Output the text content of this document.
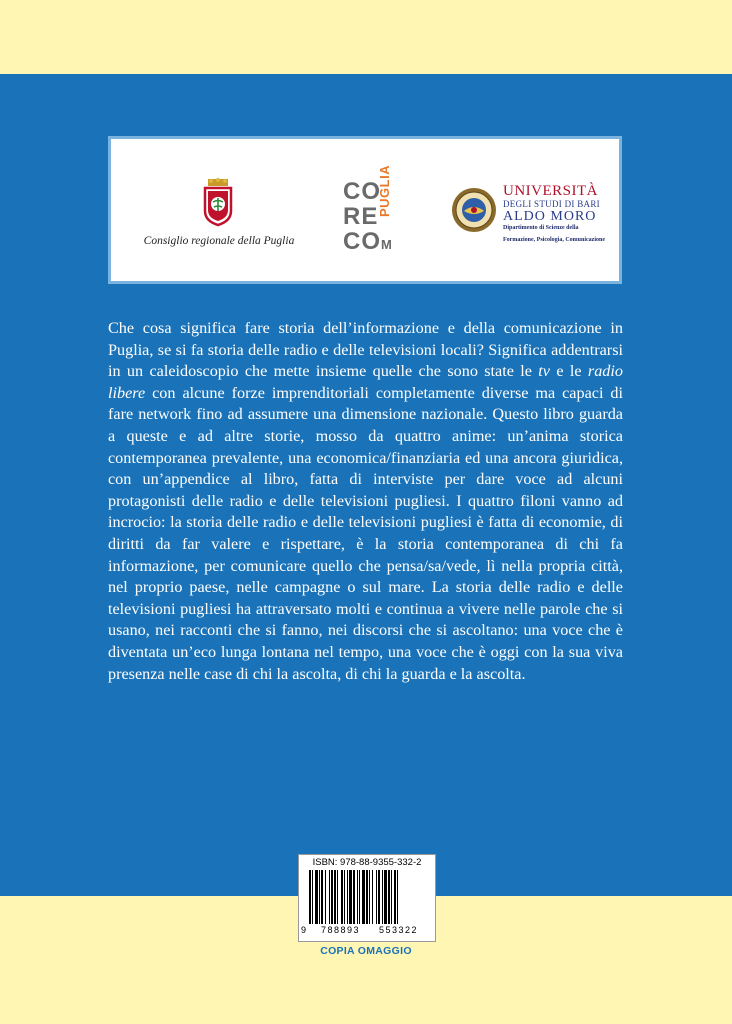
Consiglio regionale della Puglia
CO
RE
COM
PUGLIA	UNIVERSITÀ
DEGLI STUDI DI BARI
ALDO MORO
Dipartimento di Scienze della
Formazione, Psicologia, Comunicazione

Che cosa significa fare storia dell’informazione e della comunicazione in Puglia, se si fa storia delle radio e delle televisioni locali? Significa addentrarsi in un caleidoscopio che mette insieme quelle che sono state le tv e le radio libere con alcune forze imprenditoriali completamente diverse ma capaci di fare network fino ad assumere una dimensione nazionale. Questo libro guarda a queste e ad altre storie, mosso da quattro anime: un’anima storica contemporanea prevalente, una economica/finanziaria ed una ancora giuridica, con un’appendice al libro, fatta di interviste per dare voce ad alcuni protagonisti delle radio e delle televisioni pugliesi. I quattro filoni vanno ad incrocio: la storia delle radio e delle televisioni pugliesi è fatta di economie, di diritti da far valere e rispettare, è la storia contemporanea di chi fa informazione, per comunicare quello che pensa/sa/vede, lì nella propria città, nel proprio paese, nelle campagne o sul mare. La storia delle radio e delle televisioni pugliesi ha attraversato molti e continua a vivere nelle parole che si usano, nei racconti che si fanno, nei discorsi che si ascoltano: una voce che è diventata un’eco lunga lontana nel tempo, una voce che è oggi con la sua viva presenza nelle case di chi la ascolta, di chi la guarda e la ascolta.

ISBN: 978-88-9355-332-2
9 788893 553322
COPIA OMAGGIO
